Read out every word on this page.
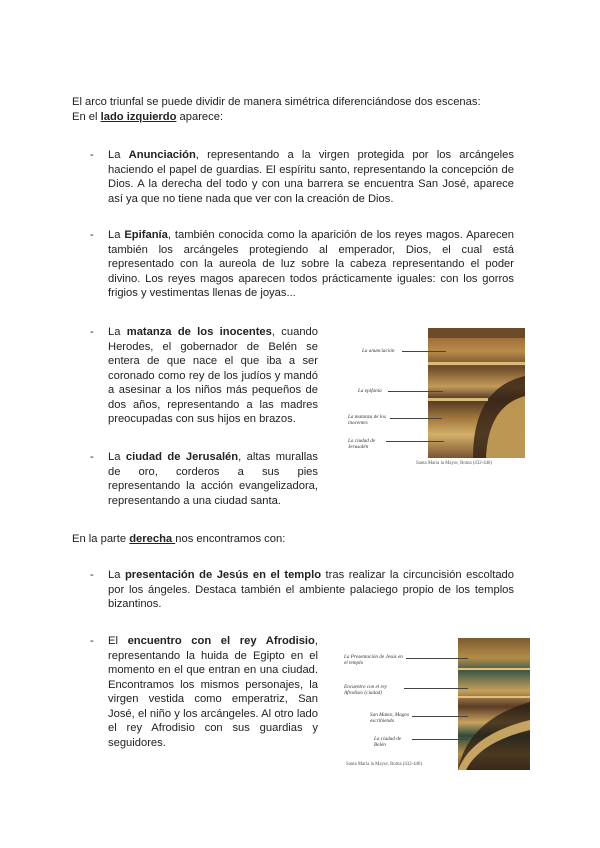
El arco triunfal se puede dividir de manera simétrica diferenciándose dos escenas:
En el lado izquierdo aparece:
- La Anunciación, representando a la virgen protegida por los arcángeles haciendo el papel de guardias. El espíritu santo, representando la concepción de Dios. A la derecha del todo y con una barrera se encuentra San José, aparece así ya que no tiene nada que ver con la creación de Dios.
- La Epifanía, también conocida como la aparición de los reyes magos. Aparecen también los arcángeles protegiendo al emperador, Dios, el cual está representado con la aureola de luz sobre la cabeza representando el poder divino. Los reyes magos aparecen todos prácticamente iguales: con los gorros frigios y vestimentas llenas de joyas...
- La matanza de los inocentes, cuando Herodes, el gobernador de Belén se entera de que nace el que iba a ser coronado como rey de los judíos y mandó a asesinar a los niños más pequeños de dos años, representando a las madres preocupadas con sus hijos en brazos.
- La ciudad de Jerusalén, altas murallas de oro, corderos a sus pies representando la acción evangelizadora, representando a una ciudad santa.
La anunciación
La epifanía
La matanza de los inocentes
La ciudad de Jerusalén
Santa Maria la Mayor, Roma (432-440)
En la parte derecha nos encontramos con:
- La presentación de Jesús en el templo tras realizar la circuncisión escoltado por los ángeles. Destaca también el ambiente palaciego propio de los templos bizantinos.
- El encuentro con el rey Afrodisio, representando la huida de Egipto en el momento en el que entran en una ciudad. Encontramos los mismos personajes, la virgen vestida como emperatriz, San José, el niño y los arcángeles. Al otro lado el rey Afrodisio con sus guardias y seguidores.
La Presentación de Jesús en el templo
Encuentro con el rey Afrodisio (ciudad)
San Mateo, Magos escribiendo
La ciudad de Belén
Santa Maria la Mayor, Roma (432-440)
